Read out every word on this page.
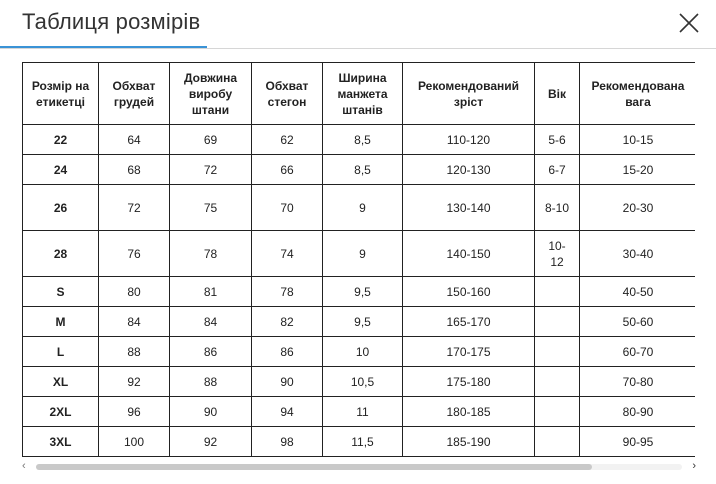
Таблиця розмірів
Розмір на етикетці	Обхват грудей	Довжина виробу штани	Обхват стегон	Ширина манжета штанів	Рекомендований зріст	Вік	Рекомендована вага
22	64	69	62	8,5	110-120	5-6	10-15
24	68	72	66	8,5	120-130	6-7	15-20
26	72	75	70	9	130-140	8-10	20-30
28	76	78	74	9	140-150	10-12	30-40
S	80	81	78	9,5	150-160		40-50
M	84	84	82	9,5	165-170		50-60
L	88	86	86	10	170-175		60-70
XL	92	88	90	10,5	175-180		70-80
2XL	96	90	94	11	180-185		80-90
3XL	100	92	98	11,5	185-190		90-95
‹	›
